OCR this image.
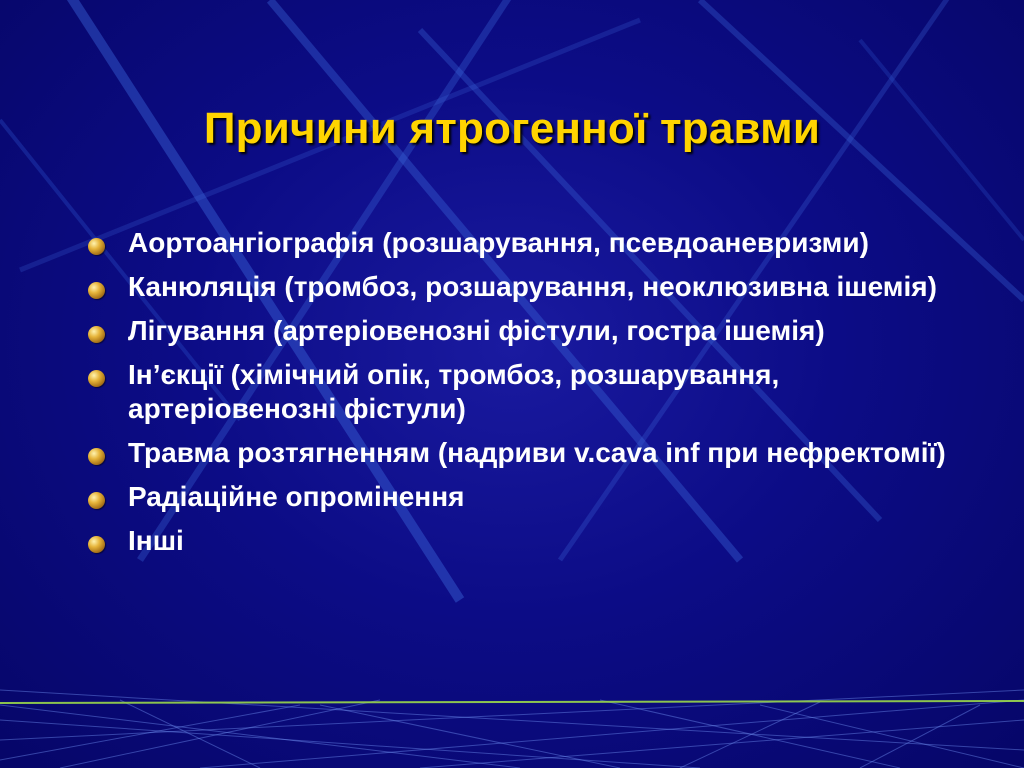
Причини ятрогенної травми
Аортоангіографія (розшарування, псевдоаневризми)
Канюляція (тромбоз, розшарування, неоклюзивна ішемія)
Лігування (артеріовенозні фістули, гостра ішемія)
Ін’єкції (хімічний опік, тромбоз, розшарування, артеріовенозні фістули)
Травма розтягненням (надриви v.cava inf при нефректомії)
Радіаційне опромінення
Інші
